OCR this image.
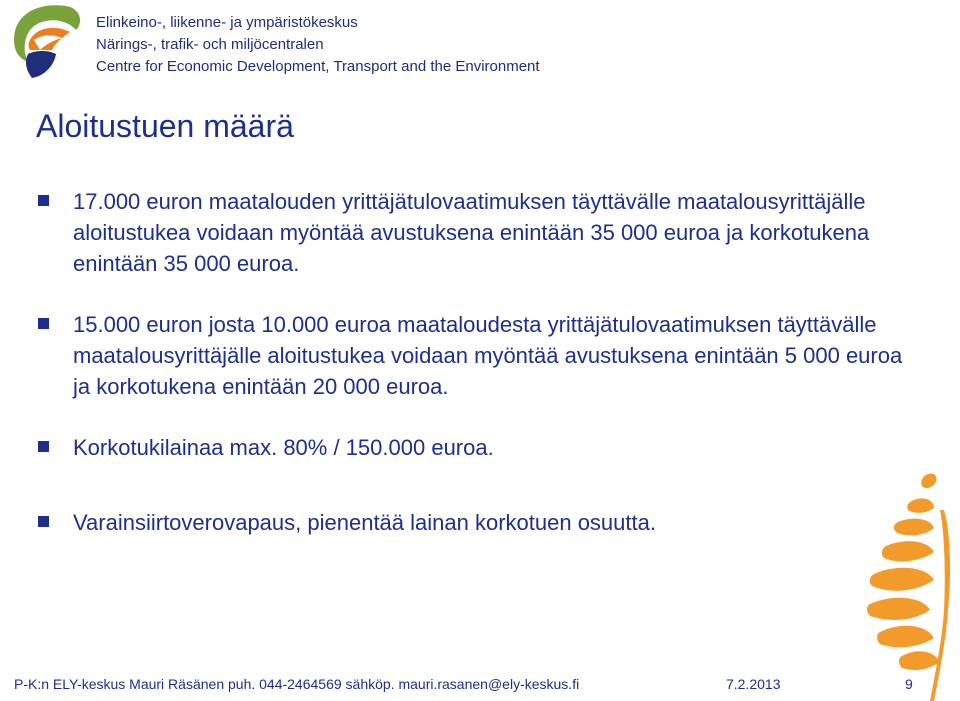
Elinkeino-, liikenne- ja ympäristökeskus
Närings-, trafik- och miljöcentralen
Centre for Economic Development, Transport and the Environment
Aloitustuen määrä
17.000 euron maatalouden yrittäjätulovaatimuksen täyttävälle maatalousyrittäjälle aloitustukea voidaan myöntää avustuksena enintään 35 000 euroa ja korkotukena enintään 35 000 euroa.
15.000 euron josta 10.000 euroa maataloudesta yrittäjätulovaatimuksen täyttävälle maatalousyrittäjälle aloitustukea voidaan myöntää avustuksena enintään 5 000 euroa ja korkotukena enintään 20 000 euroa.
Korkotukilainaa max. 80% / 150.000 euroa.
Varainsiirtoverovapaus, pienentää lainan korkotuen osuutta.
P-K:n ELY-keskus Mauri Räsänen puh. 044-2464569 sähköp. mauri.rasanen@ely-keskus.fi	7.2.2013	9
